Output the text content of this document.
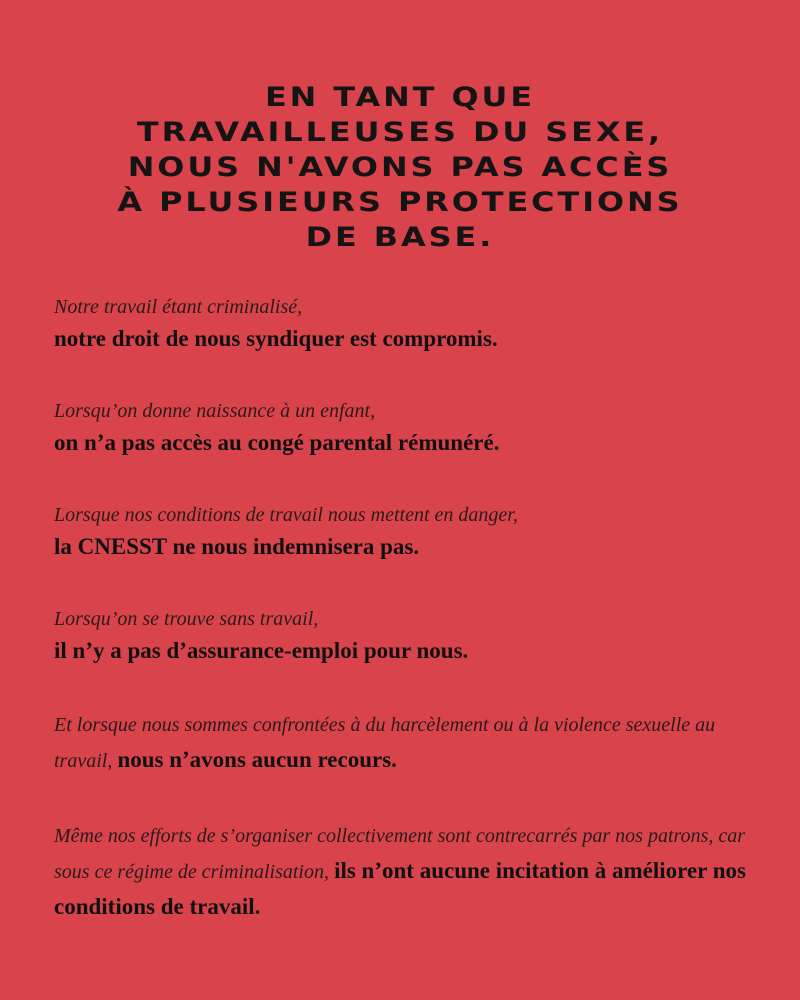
EN TANT QUE
TRAVAILLEUSES DU SEXE,
NOUS N'AVONS PAS ACCÈS
À PLUSIEURS PROTECTIONS
DE BASE.

Notre travail étant criminalisé,
notre droit de nous syndiquer est compromis.

Lorsqu’on donne naissance à un enfant,
on n’a pas accès au congé parental rémunéré.

Lorsque nos conditions de travail nous mettent en danger,
la CNESST ne nous indemnisera pas.

Lorsqu’on se trouve sans travail,
il n’y a pas d’assurance-emploi pour nous.

Et lorsque nous sommes confrontées à du harcèlement ou à la violence sexuelle au travail, nous n’avons aucun recours.

Même nos efforts de s’organiser collectivement sont contrecarrés par nos patrons, car sous ce régime de criminalisation, ils n’ont aucune incitation à améliorer nos conditions de travail.
